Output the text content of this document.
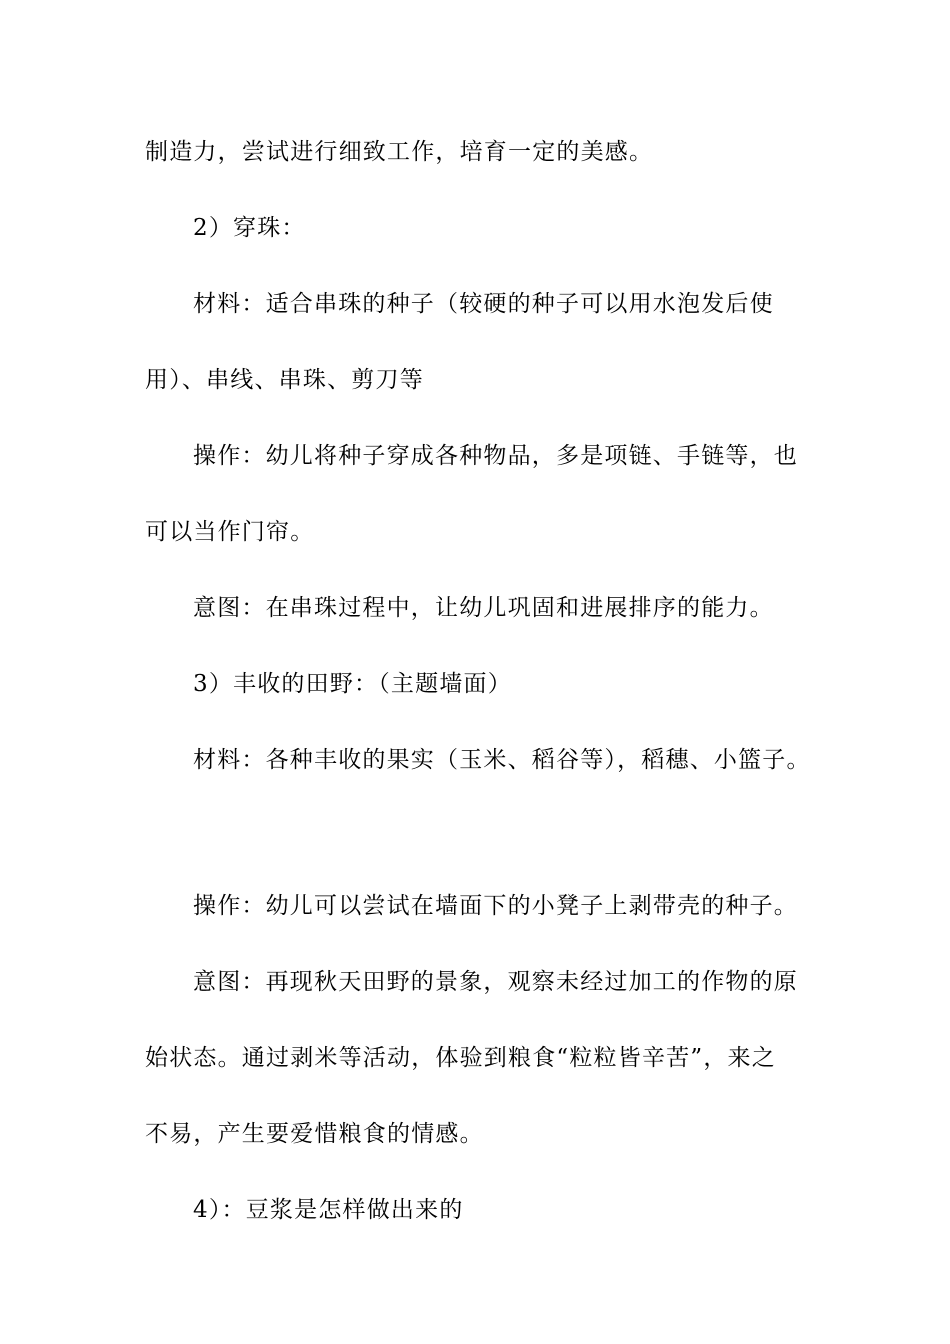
制造力，尝试进行细致工作，培育一定的美感。
2）穿珠：
材料：适合串珠的种子（较硬的种子可以用水泡发后使
用）、串线、串珠、剪刀等
操作：幼儿将种子穿成各种物品，多是项链、手链等，也
可以当作门帘。
意图：在串珠过程中，让幼儿巩固和进展排序的能力。
3）丰收的田野：（主题墙面）
材料：各种丰收的果实（玉米、稻谷等），稻穗、小篮子。
操作：幼儿可以尝试在墙面下的小凳子上剥带壳的种子。
意图：再现秋天田野的景象，观察未经过加工的作物的原
始状态。通过剥米等活动，体验到粮食“粒粒皆辛苦”，来之
不易，产生要爱惜粮食的情感。
4）：豆浆是怎样做出来的
